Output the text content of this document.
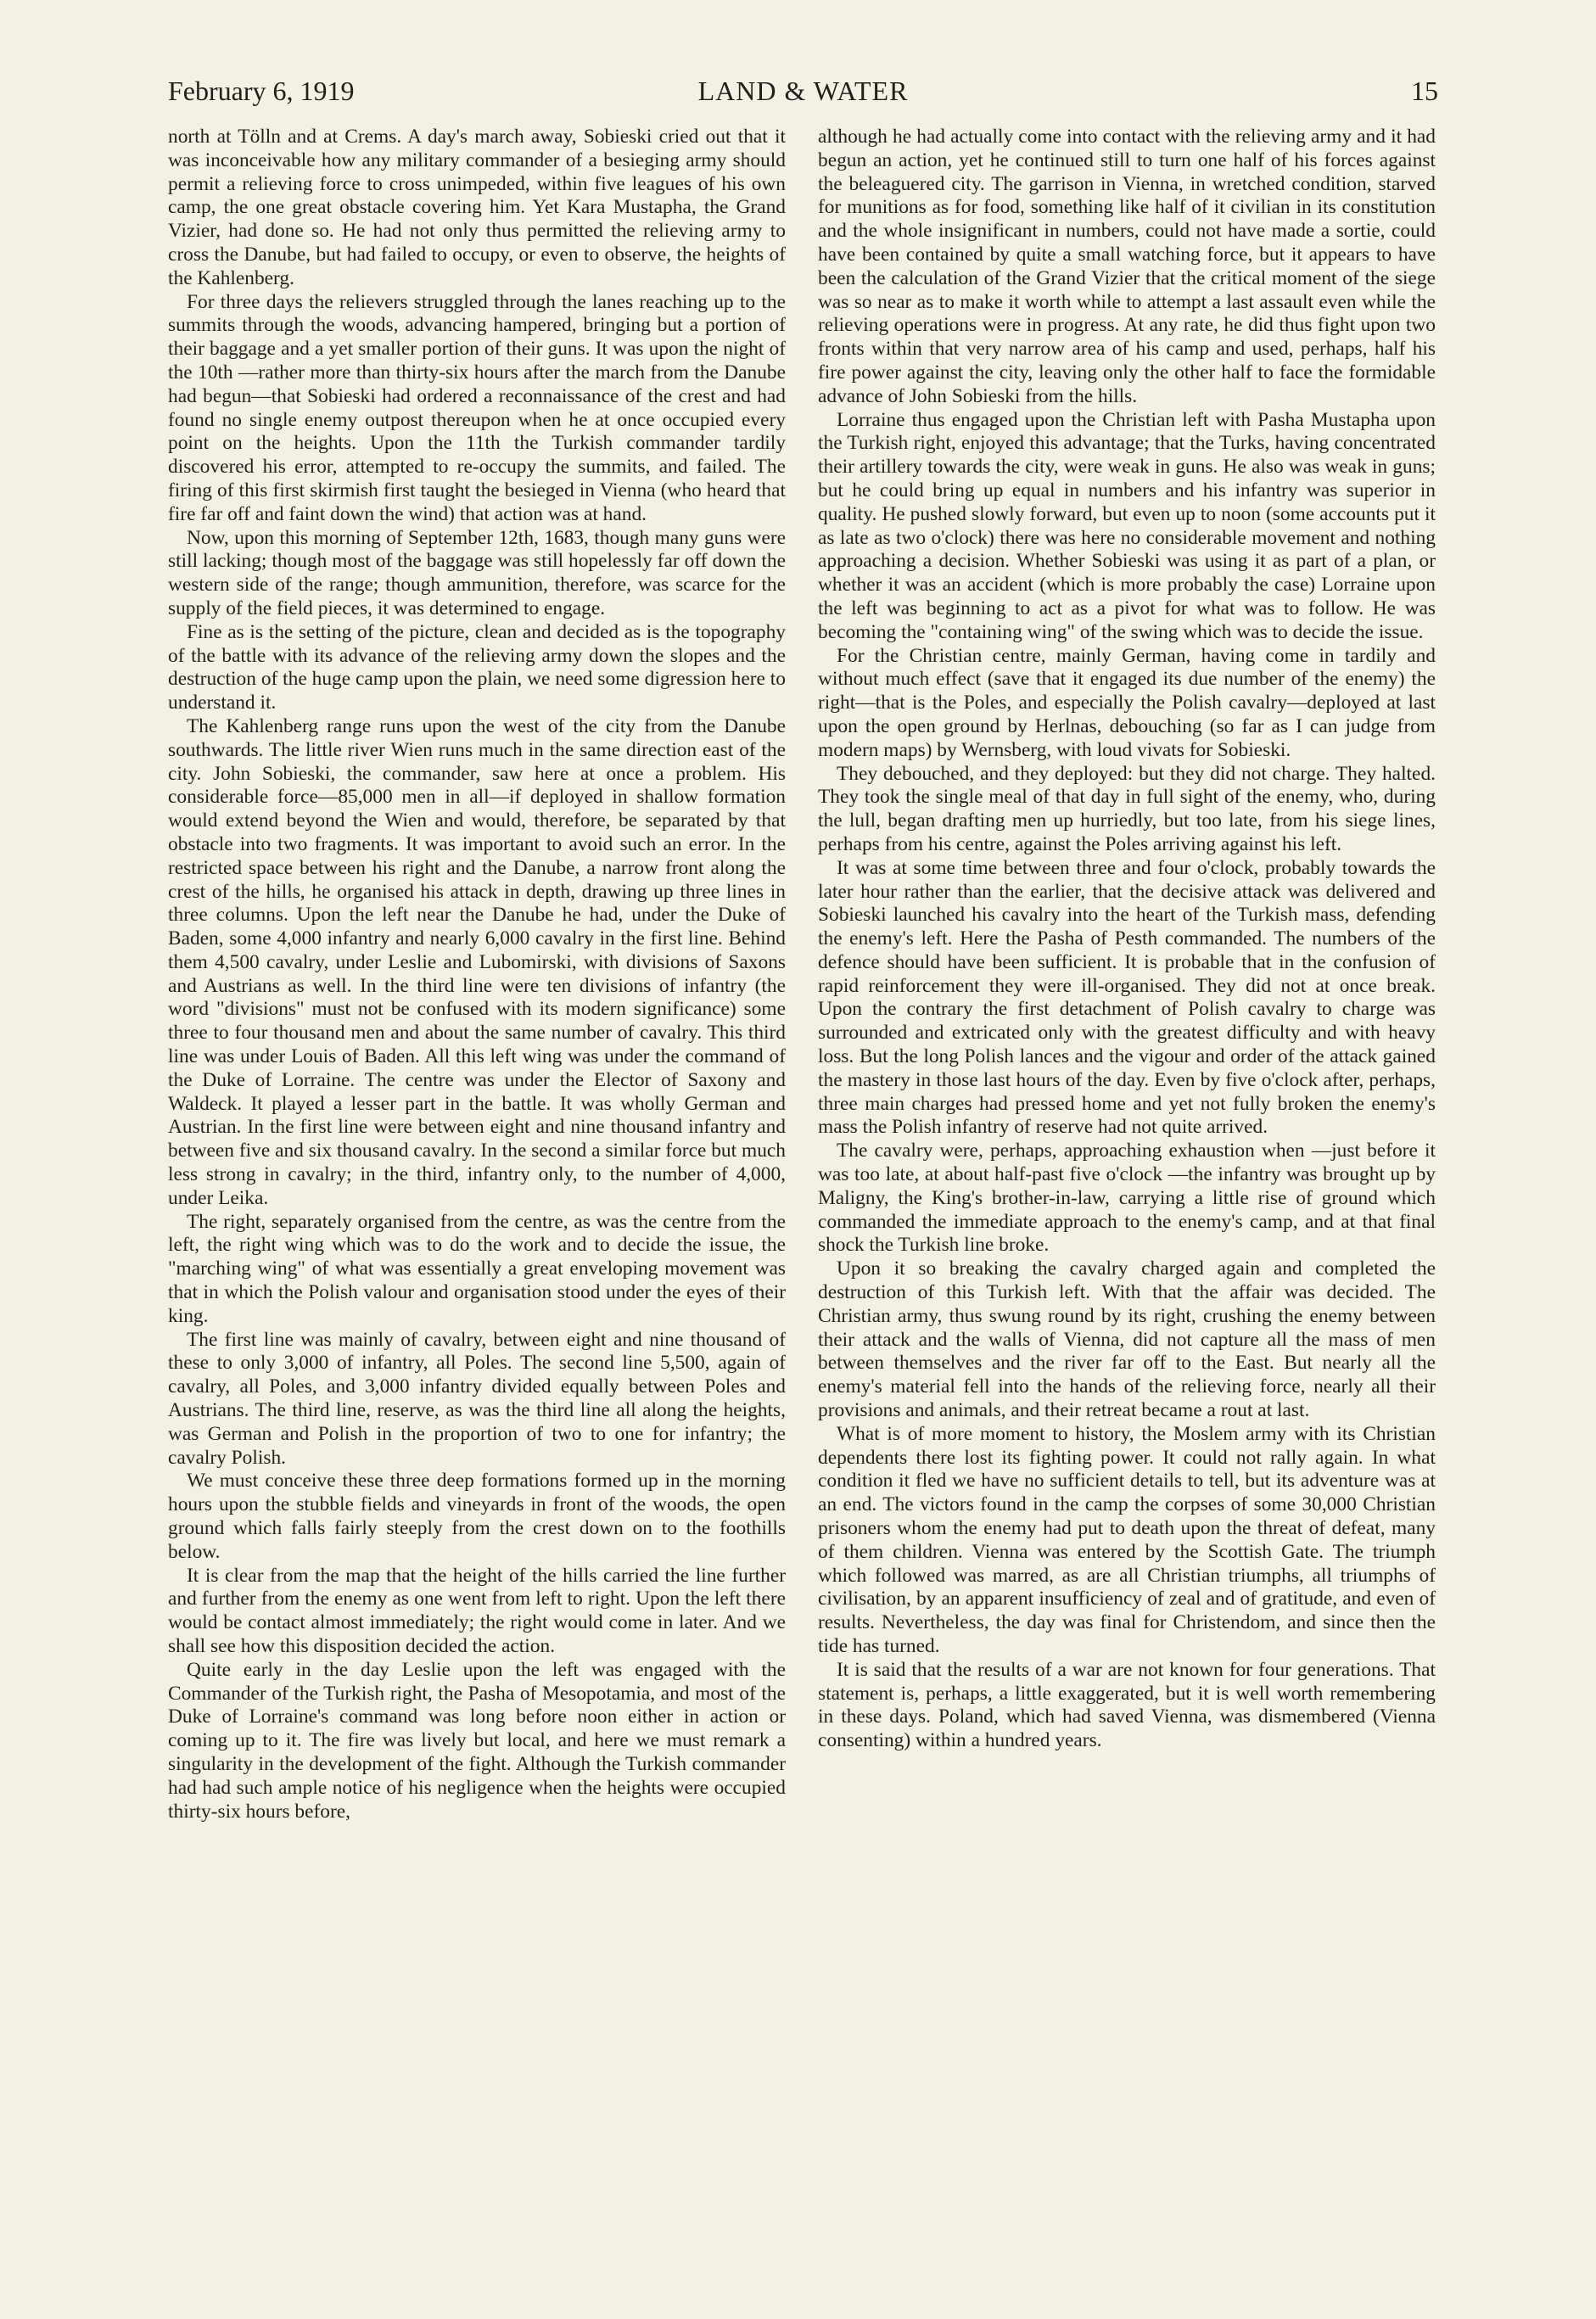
February 6, 1919	LAND & WATER	15

north at Tölln and at Crems. A day's march away, Sobieski cried out that it was inconceivable how any military commander of a besieging army should permit a relieving force to cross unimpeded, within five leagues of his own camp, the one great obstacle covering him. Yet Kara Mustapha, the Grand Vizier, had done so. He had not only thus permitted the relieving army to cross the Danube, but had failed to occupy, or even to observe, the heights of the Kahlenberg.

For three days the relievers struggled through the lanes reaching up to the summits through the woods, advancing hampered, bringing but a portion of their baggage and a yet smaller portion of their guns. It was upon the night of the 10th —rather more than thirty-six hours after the march from the Danube had begun—that Sobieski had ordered a reconnaissance of the crest and had found no single enemy outpost thereupon when he at once occupied every point on the heights. Upon the 11th the Turkish commander tardily discovered his error, attempted to re-occupy the summits, and failed. The firing of this first skirmish first taught the besieged in Vienna (who heard that fire far off and faint down the wind) that action was at hand.

Now, upon this morning of September 12th, 1683, though many guns were still lacking; though most of the baggage was still hopelessly far off down the western side of the range; though ammunition, therefore, was scarce for the supply of the field pieces, it was determined to engage.

Fine as is the setting of the picture, clean and decided as is the topography of the battle with its advance of the relieving army down the slopes and the destruction of the huge camp upon the plain, we need some digression here to understand it.

The Kahlenberg range runs upon the west of the city from the Danube southwards. The little river Wien runs much in the same direction east of the city. John Sobieski, the commander, saw here at once a problem. His considerable force—85,000 men in all—if deployed in shallow formation would extend beyond the Wien and would, therefore, be separated by that obstacle into two fragments. It was important to avoid such an error. In the restricted space between his right and the Danube, a narrow front along the crest of the hills, he organised his attack in depth, drawing up three lines in three columns. Upon the left near the Danube he had, under the Duke of Baden, some 4,000 infantry and nearly 6,000 cavalry in the first line. Behind them 4,500 cavalry, under Leslie and Lubomirski, with divisions of Saxons and Austrians as well. In the third line were ten divisions of infantry (the word "divisions" must not be confused with its modern significance) some three to four thousand men and about the same number of cavalry. This third line was under Louis of Baden. All this left wing was under the command of the Duke of Lorraine. The centre was under the Elector of Saxony and Waldeck. It played a lesser part in the battle. It was wholly German and Austrian. In the first line were between eight and nine thousand infantry and between five and six thousand cavalry. In the second a similar force but much less strong in cavalry; in the third, infantry only, to the number of 4,000, under Leika.

The right, separately organised from the centre, as was the centre from the left, the right wing which was to do the work and to decide the issue, the "marching wing" of what was essentially a great enveloping movement was that in which the Polish valour and organisation stood under the eyes of their king.

The first line was mainly of cavalry, between eight and nine thousand of these to only 3,000 of infantry, all Poles. The second line 5,500, again of cavalry, all Poles, and 3,000 infantry divided equally between Poles and Austrians. The third line, reserve, as was the third line all along the heights, was German and Polish in the proportion of two to one for infantry; the cavalry Polish.

We must conceive these three deep formations formed up in the morning hours upon the stubble fields and vineyards in front of the woods, the open ground which falls fairly steeply from the crest down on to the foothills below.

It is clear from the map that the height of the hills carried the line further and further from the enemy as one went from left to right. Upon the left there would be contact almost immediately; the right would come in later. And we shall see how this disposition decided the action.

Quite early in the day Leslie upon the left was engaged with the Commander of the Turkish right, the Pasha of Mesopotamia, and most of the Duke of Lorraine's command was long before noon either in action or coming up to it. The fire was lively but local, and here we must remark a singularity in the development of the fight. Although the Turkish commander had had such ample notice of his negligence when the heights were occupied thirty-six hours before,

although he had actually come into contact with the relieving army and it had begun an action, yet he continued still to turn one half of his forces against the beleaguered city. The garrison in Vienna, in wretched condition, starved for munitions as for food, something like half of it civilian in its constitution and the whole insignificant in numbers, could not have made a sortie, could have been contained by quite a small watching force, but it appears to have been the calculation of the Grand Vizier that the critical moment of the siege was so near as to make it worth while to attempt a last assault even while the relieving operations were in progress. At any rate, he did thus fight upon two fronts within that very narrow area of his camp and used, perhaps, half his fire power against the city, leaving only the other half to face the formidable advance of John Sobieski from the hills.

Lorraine thus engaged upon the Christian left with Pasha Mustapha upon the Turkish right, enjoyed this advantage; that the Turks, having concentrated their artillery towards the city, were weak in guns. He also was weak in guns; but he could bring up equal in numbers and his infantry was superior in quality. He pushed slowly forward, but even up to noon (some accounts put it as late as two o'clock) there was here no considerable movement and nothing approaching a decision. Whether Sobieski was using it as part of a plan, or whether it was an accident (which is more probably the case) Lorraine upon the left was beginning to act as a pivot for what was to follow. He was becoming the "containing wing" of the swing which was to decide the issue.

For the Christian centre, mainly German, having come in tardily and without much effect (save that it engaged its due number of the enemy) the right—that is the Poles, and especially the Polish cavalry—deployed at last upon the open ground by Herlnas, debouching (so far as I can judge from modern maps) by Wernsberg, with loud vivats for Sobieski.

They debouched, and they deployed: but they did not charge. They halted. They took the single meal of that day in full sight of the enemy, who, during the lull, began drafting men up hurriedly, but too late, from his siege lines, perhaps from his centre, against the Poles arriving against his left.

It was at some time between three and four o'clock, probably towards the later hour rather than the earlier, that the decisive attack was delivered and Sobieski launched his cavalry into the heart of the Turkish mass, defending the enemy's left. Here the Pasha of Pesth commanded. The numbers of the defence should have been sufficient. It is probable that in the confusion of rapid reinforcement they were ill-organised. They did not at once break. Upon the contrary the first detachment of Polish cavalry to charge was surrounded and extricated only with the greatest difficulty and with heavy loss. But the long Polish lances and the vigour and order of the attack gained the mastery in those last hours of the day. Even by five o'clock after, perhaps, three main charges had pressed home and yet not fully broken the enemy's mass the Polish infantry of reserve had not quite arrived.

The cavalry were, perhaps, approaching exhaustion when —just before it was too late, at about half-past five o'clock —the infantry was brought up by Maligny, the King's brother-in-law, carrying a little rise of ground which commanded the immediate approach to the enemy's camp, and at that final shock the Turkish line broke.

Upon it so breaking the cavalry charged again and completed the destruction of this Turkish left. With that the affair was decided. The Christian army, thus swung round by its right, crushing the enemy between their attack and the walls of Vienna, did not capture all the mass of men between themselves and the river far off to the East. But nearly all the enemy's material fell into the hands of the relieving force, nearly all their provisions and animals, and their retreat became a rout at last.

What is of more moment to history, the Moslem army with its Christian dependents there lost its fighting power. It could not rally again. In what condition it fled we have no sufficient details to tell, but its adventure was at an end. The victors found in the camp the corpses of some 30,000 Christian prisoners whom the enemy had put to death upon the threat of defeat, many of them children. Vienna was entered by the Scottish Gate. The triumph which followed was marred, as are all Christian triumphs, all triumphs of civilisation, by an apparent insufficiency of zeal and of gratitude, and even of results. Nevertheless, the day was final for Christendom, and since then the tide has turned.

It is said that the results of a war are not known for four generations. That statement is, perhaps, a little exaggerated, but it is well worth remembering in these days. Poland, which had saved Vienna, was dismembered (Vienna consenting) within a hundred years.
